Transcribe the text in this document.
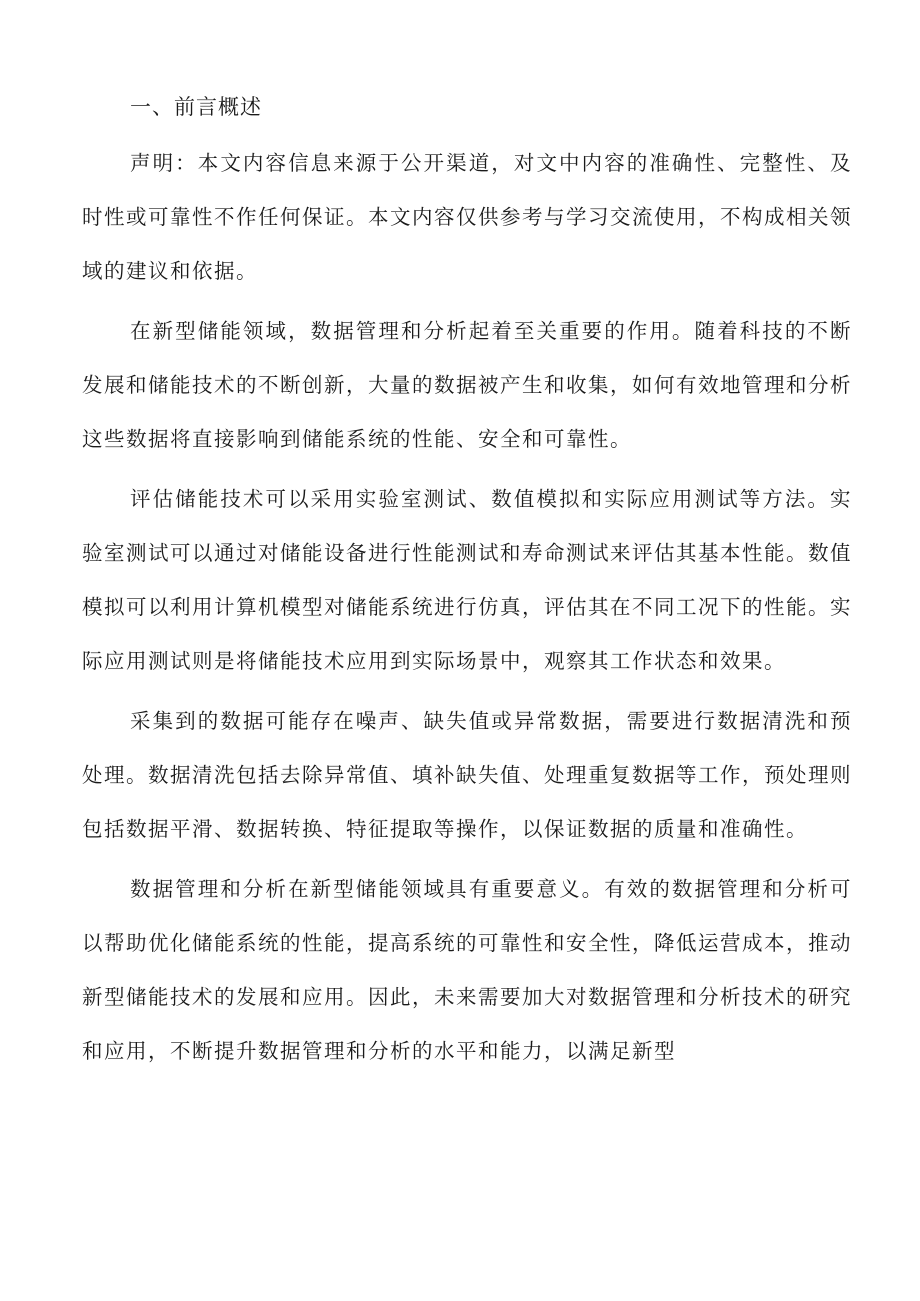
一、前言概述

声明：本文内容信息来源于公开渠道，对文中内容的准确性、完整性、及时性或可靠性不作任何保证。本文内容仅供参考与学习交流使用，不构成相关领域的建议和依据。

在新型储能领域，数据管理和分析起着至关重要的作用。随着科技的不断发展和储能技术的不断创新，大量的数据被产生和收集，如何有效地管理和分析这些数据将直接影响到储能系统的性能、安全和可靠性。

评估储能技术可以采用实验室测试、数值模拟和实际应用测试等方法。实验室测试可以通过对储能设备进行性能测试和寿命测试来评估其基本性能。数值模拟可以利用计算机模型对储能系统进行仿真，评估其在不同工况下的性能。实际应用测试则是将储能技术应用到实际场景中，观察其工作状态和效果。

采集到的数据可能存在噪声、缺失值或异常数据，需要进行数据清洗和预处理。数据清洗包括去除异常值、填补缺失值、处理重复数据等工作，预处理则包括数据平滑、数据转换、特征提取等操作，以保证数据的质量和准确性。

数据管理和分析在新型储能领域具有重要意义。有效的数据管理和分析可以帮助优化储能系统的性能，提高系统的可靠性和安全性，降低运营成本，推动新型储能技术的发展和应用。因此，未来需要加大对数据管理和分析技术的研究和应用，不断提升数据管理和分析的水平和能力，以满足新型
